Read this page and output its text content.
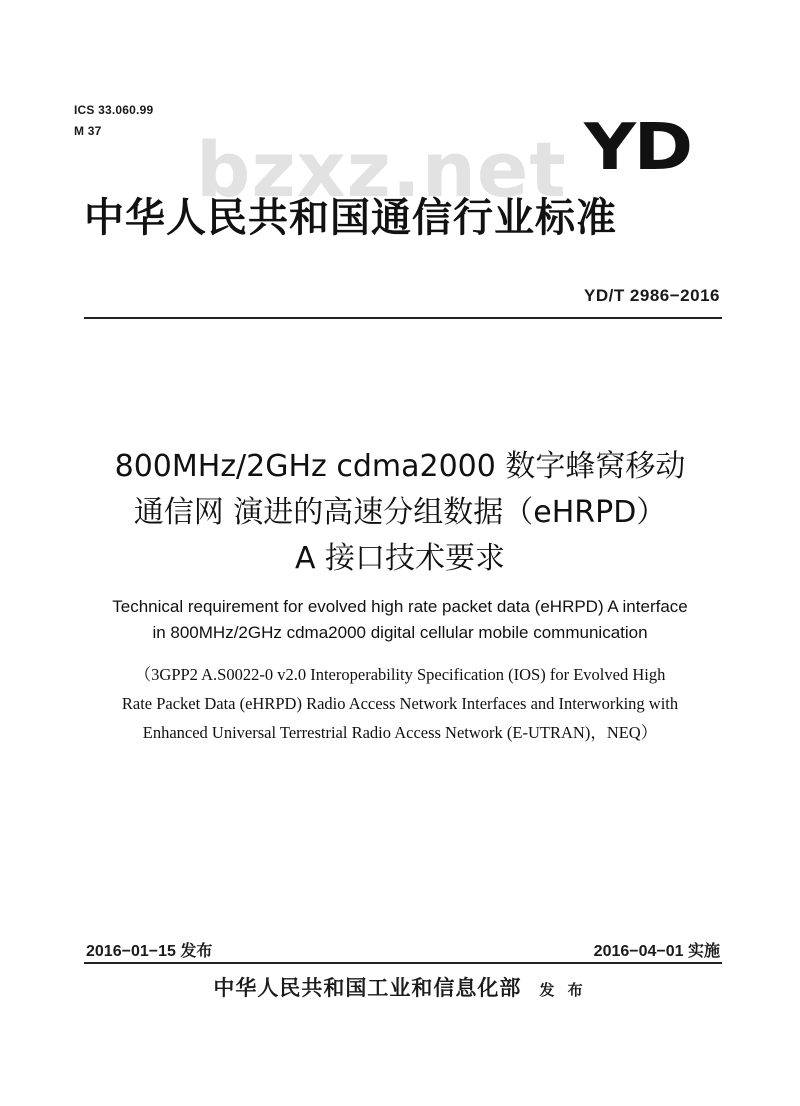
ICS 33.060.99
M 37 bzxz.net YD
中华人民共和国通信行业标准
YD/T 2986−2016
800MHz/2GHz cdma2000 数字蜂窝移动
通信网 演进的高速分组数据（eHRPD）
A 接口技术要求
Technical requirement for evolved high rate packet data (eHRPD) A interface
in 800MHz/2GHz cdma2000 digital cellular mobile communication
（3GPP2 A.S0022-0 v2.0 Interoperability Specification (IOS) for Evolved High
Rate Packet Data (eHRPD) Radio Access Network Interfaces and Interworking with
Enhanced Universal Terrestrial Radio Access Network (E-UTRAN)，NEQ）
2016−01−15 发布	2016−04−01 实施
中华人民共和国工业和信息化部 发 布
